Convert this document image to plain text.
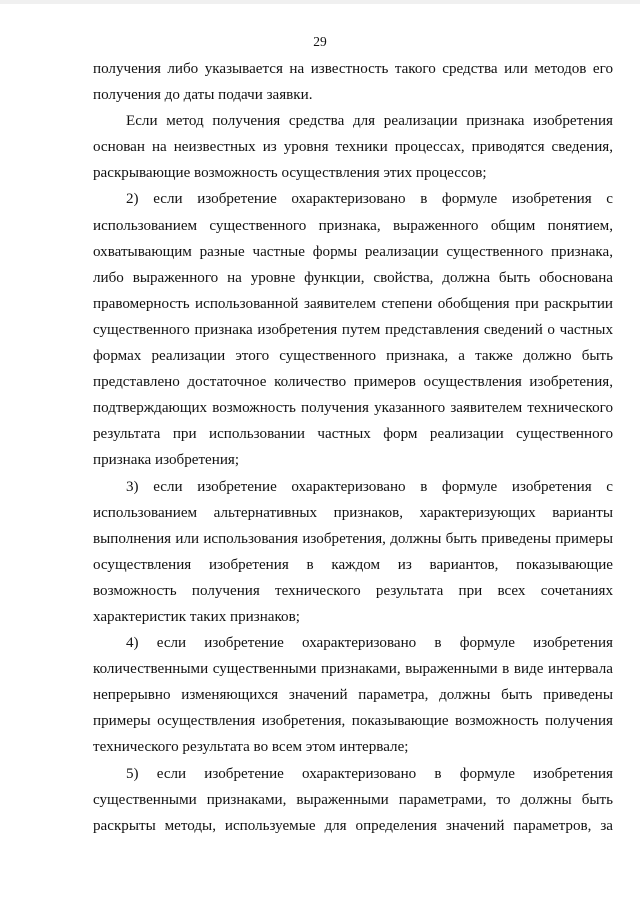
29
получения либо указывается на известность такого средства или методов его
получения до даты подачи заявки.
Если метод получения средства для реализации признака изобретения
основан на неизвестных из уровня техники процессах, приводятся сведения,
раскрывающие возможность осуществления этих процессов;
2) если изобретение охарактеризовано в формуле изобретения с
использованием существенного признака, выраженного общим понятием,
охватывающим разные частные формы реализации существенного признака,
либо выраженного на уровне функции, свойства, должна быть обоснована
правомерность использованной заявителем степени обобщения при раскрытии
существенного признака изобретения путем представления сведений о частных
формах реализации этого существенного признака, а также должно быть
представлено достаточное количество примеров осуществления изобретения,
подтверждающих возможность получения указанного заявителем технического
результата при использовании частных форм реализации существенного
признака изобретения;
3) если изобретение охарактеризовано в формуле изобретения с
использованием альтернативных признаков, характеризующих варианты
выполнения или использования изобретения, должны быть приведены примеры
осуществления изобретения в каждом из вариантов, показывающие
возможность получения технического результата при всех сочетаниях
характеристик таких признаков;
4) если изобретение охарактеризовано в формуле изобретения
количественными существенными признаками, выраженными в виде интервала
непрерывно изменяющихся значений параметра, должны быть приведены
примеры осуществления изобретения, показывающие возможность получения
технического результата во всем этом интервале;
5) если изобретение охарактеризовано в формуле изобретения
существенными признаками, выраженными параметрами, то должны быть
раскрыты методы, используемые для определения значений параметров, за
